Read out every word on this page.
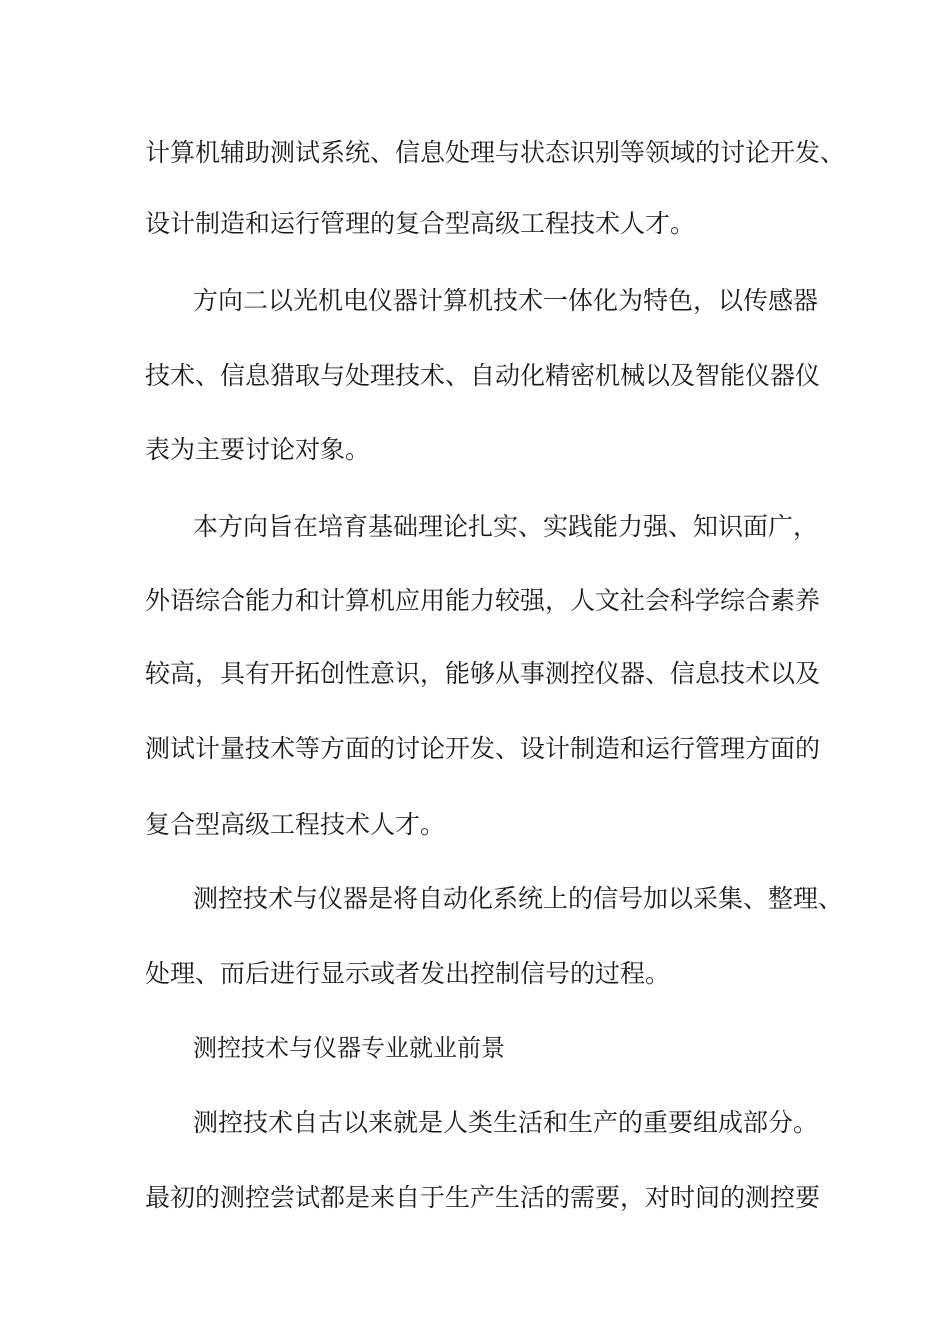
计算机辅助测试系统、信息处理与状态识别等领域的讨论开发、

设计制造和运行管理的复合型高级工程技术人才。

方向二以光机电仪器计算机技术一体化为特色，以传感器

技术、信息猎取与处理技术、自动化精密机械以及智能仪器仪

表为主要讨论对象。

本方向旨在培育基础理论扎实、实践能力强、知识面广，

外语综合能力和计算机应用能力较强，人文社会科学综合素养

较高，具有开拓创性意识，能够从事测控仪器、信息技术以及

测试计量技术等方面的讨论开发、设计制造和运行管理方面的

复合型高级工程技术人才。

测控技术与仪器是将自动化系统上的信号加以采集、整理、

处理、而后进行显示或者发出控制信号的过程。

测控技术与仪器专业就业前景

测控技术自古以来就是人类生活和生产的重要组成部分。

最初的测控尝试都是来自于生产生活的需要，对时间的测控要
